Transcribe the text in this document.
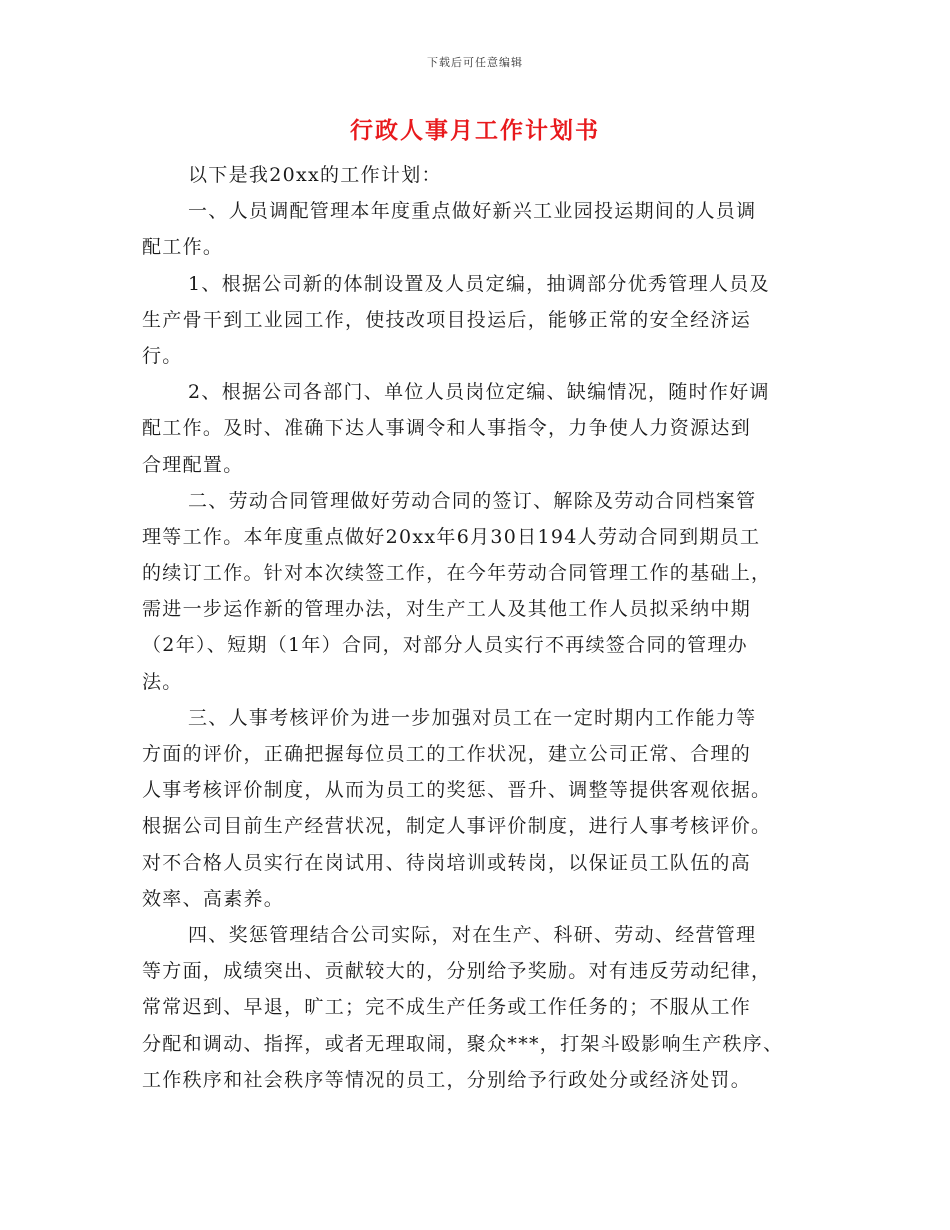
下载后可任意编辑
行政人事月工作计划书
以下是我20xx的工作计划：
一、人员调配管理本年度重点做好新兴工业园投运期间的人员调
配工作。
1、根据公司新的体制设置及人员定编，抽调部分优秀管理人员及
生产骨干到工业园工作，使技改项目投运后，能够正常的安全经济运
行。
2、根据公司各部门、单位人员岗位定编、缺编情况，随时作好调
配工作。及时、准确下达人事调令和人事指令，力争使人力资源达到
合理配置。
二、劳动合同管理做好劳动合同的签订、解除及劳动合同档案管
理等工作。本年度重点做好20xx年6月30日194人劳动合同到期员工
的续订工作。针对本次续签工作，在今年劳动合同管理工作的基础上，
需进一步运作新的管理办法，对生产工人及其他工作人员拟采纳中期
（2年）、短期（1年）合同，对部分人员实行不再续签合同的管理办
法。
三、人事考核评价为进一步加强对员工在一定时期内工作能力等
方面的评价，正确把握每位员工的工作状况，建立公司正常、合理的
人事考核评价制度，从而为员工的奖惩、晋升、调整等提供客观依据。
根据公司目前生产经营状况，制定人事评价制度，进行人事考核评价。
对不合格人员实行在岗试用、待岗培训或转岗，以保证员工队伍的高
效率、高素养。
四、奖惩管理结合公司实际，对在生产、科研、劳动、经营管理
等方面，成绩突出、贡献较大的，分别给予奖励。对有违反劳动纪律，
常常迟到、早退，旷工；完不成生产任务或工作任务的；不服从工作
分配和调动、指挥，或者无理取闹，聚众***，打架斗殴影响生产秩序、
工作秩序和社会秩序等情况的员工，分别给予行政处分或经济处罚。
